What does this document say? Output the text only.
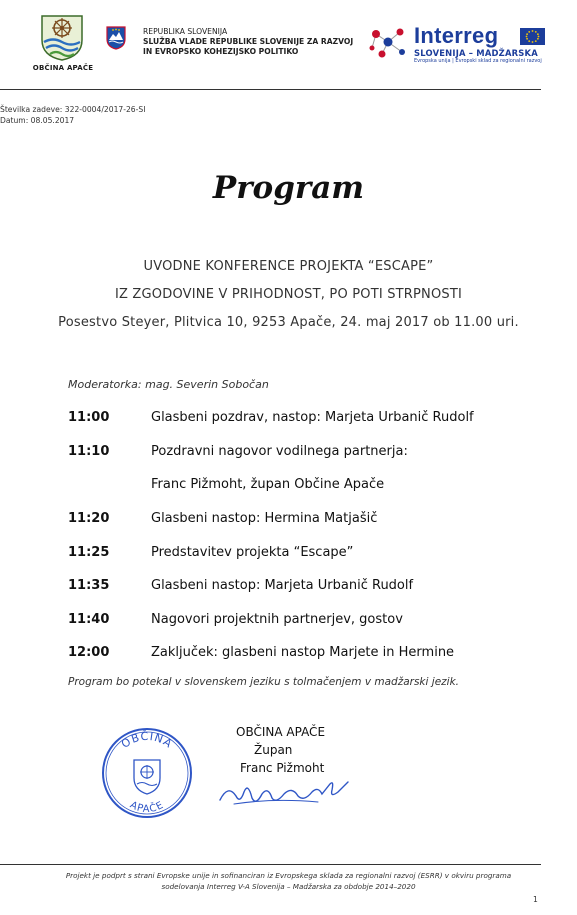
OBČINA APAČE
REPUBLIKA SLOVENIJA
SLUŽBA VLADE REPUBLIKE SLOVENIJE ZA RAZVOJ
IN EVROPSKO KOHEZIJSKO POLITIKO
Interreg
SLOVENIJA – MADŽARSKA
Evropska unija | Evropski sklad za regionalni razvoj
Številka zadeve: 322-0004/2017-26-SI
Datum: 08.05.2017
Program
UVODNE KONFERENCE PROJEKTA “ESCAPE”
IZ ZGODOVINE V PRIHODNOST, PO POTI STRPNOSTI
Posestvo Steyer, Plitvica 10, 9253 Apače, 24. maj 2017 ob 11.00 uri.
Moderatorka: mag. Severin Sobočan
11:00	Glasbeni pozdrav, nastop: Marjeta Urbanič Rudolf
11:10	Pozdravni nagovor vodilnega partnerja:
Franc Pižmoht, župan Občine Apače
11:20	Glasbeni nastop: Hermina Matjašič
11:25	Predstavitev projekta “Escape”
11:35	Glasbeni nastop: Marjeta Urbanič Rudolf
11:40	Nagovori projektnih partnerjev, gostov
12:00	Zaključek: glasbeni nastop Marjete in Hermine
Program bo potekal v slovenskem jeziku s tolmačenjem v madžarski jezik.
OBČINA
APAČE
OBČINA APAČE
Župan
Franc Pižmoht
Projekt je podprt s strani Evropske unije in sofinanciran iz Evropskega sklada za regionalni razvoj (ESRR) v okviru programa
sodelovanja Interreg V-A Slovenija – Madžarska za obdobje 2014–2020
1
